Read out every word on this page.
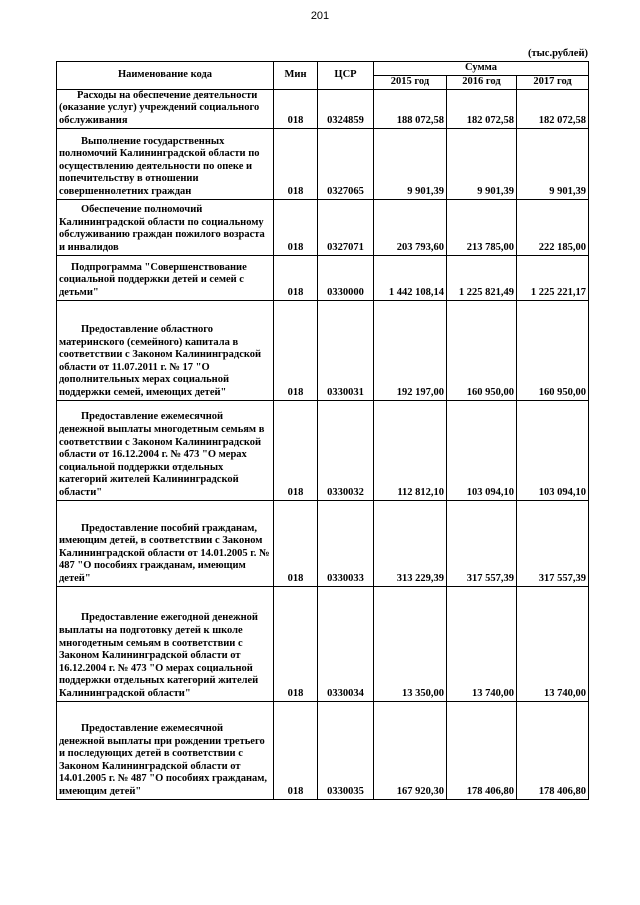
201
(тыс.рублей)
Наименование кода	Мин	ЦСР	Сумма		
			2015 год	2016 год	2017 год
Расходы на обеспечение деятельности (оказание услуг) учреждений социального обслуживания	018	0324859	188 072,58	182 072,58	182 072,58
Выполнение государственных полномочий Калининградской области по осуществлению деятельности по опеке и попечительству в отношении совершеннолетних граждан	018	0327065	9 901,39	9 901,39	9 901,39
Обеспечение полномочий Калининградской области по социальному обслуживанию граждан пожилого возраста и инвалидов	018	0327071	203 793,60	213 785,00	222 185,00
Подпрограмма "Совершенствование социальной поддержки детей и семей с детьми"	018	0330000	1 442 108,14	1 225 821,49	1 225 221,17
Предоставление областного материнского (семейного) капитала в соответствии с Законом Калининградской области от 11.07.2011 г. № 17 "О дополнительных мерах социальной поддержки семей, имеющих детей"	018	0330031	192 197,00	160 950,00	160 950,00
Предоставление ежемесячной денежной выплаты многодетным семьям в соответствии с Законом Калининградской области от 16.12.2004 г. № 473 "О мерах социальной поддержки отдельных категорий жителей Калининградской области"	018	0330032	112 812,10	103 094,10	103 094,10
Предоставление пособий гражданам, имеющим детей, в соответствии с Законом Калининградской области от 14.01.2005 г. № 487 "О пособиях гражданам, имеющим детей"	018	0330033	313 229,39	317 557,39	317 557,39
Предоставление ежегодной денежной выплаты на подготовку детей к школе многодетным семьям в соответствии с Законом Калининградской области от 16.12.2004 г. № 473 "О мерах социальной поддержки отдельных категорий жителей Калининградской области"	018	0330034	13 350,00	13 740,00	13 740,00
Предоставление ежемесячной денежной выплаты при рождении третьего и последующих детей в соответствии с Законом Калининградской области от 14.01.2005 г. № 487 "О пособиях гражданам, имеющим детей"	018	0330035	167 920,30	178 406,80	178 406,80
